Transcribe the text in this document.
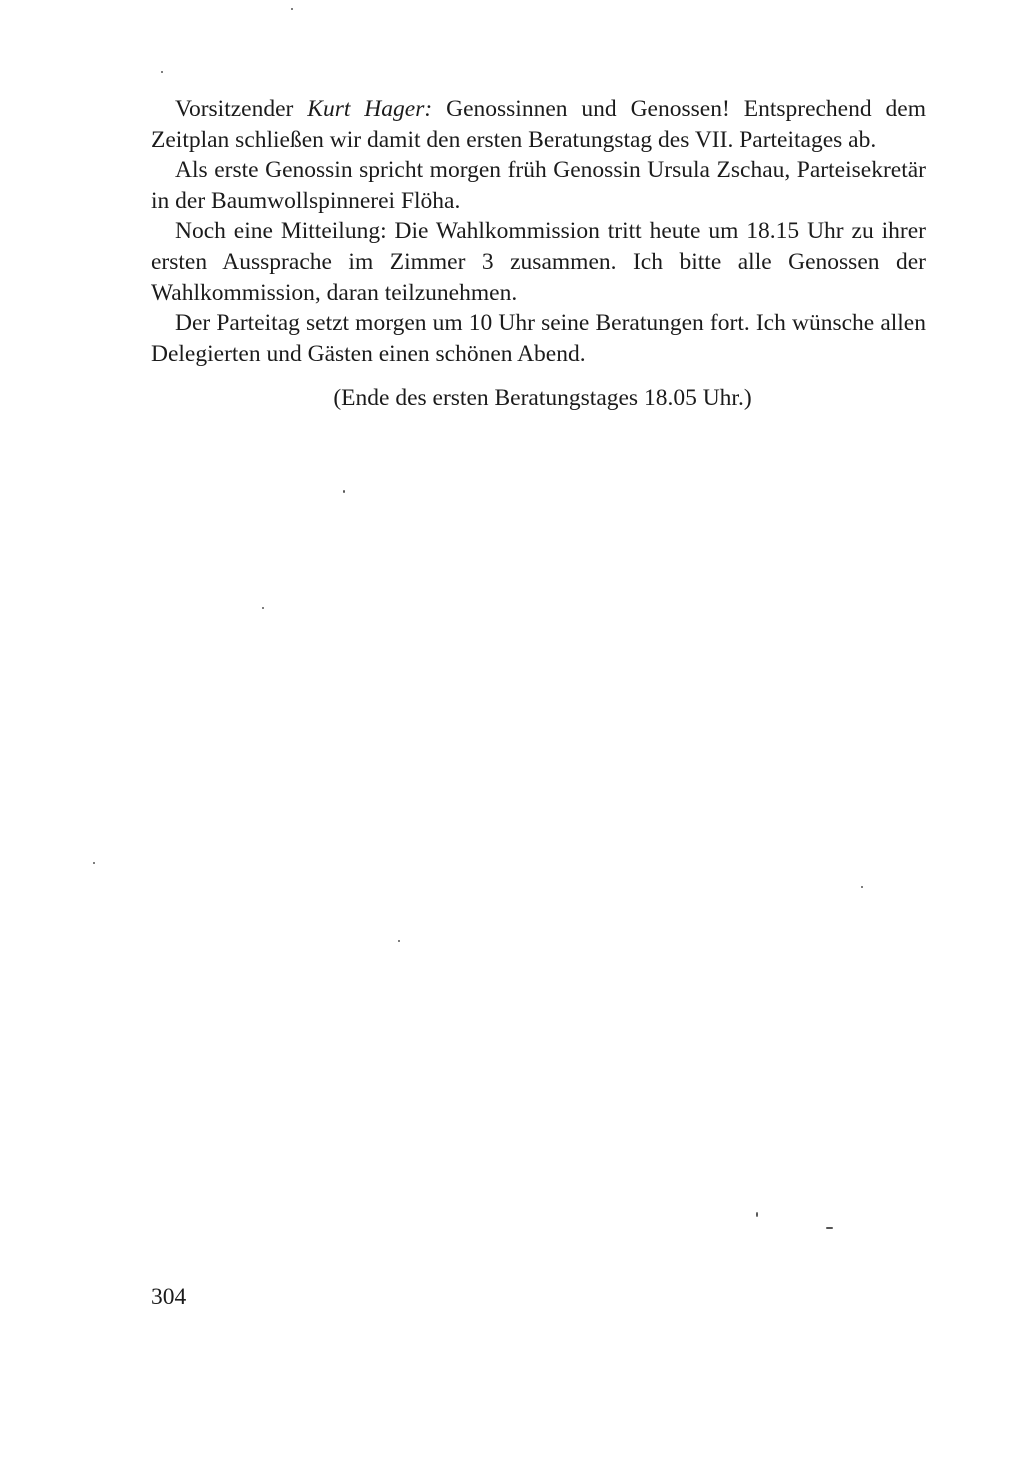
Vorsitzender Kurt Hager: Genossinnen und Genossen! Entsprechend dem Zeitplan schließen wir damit den ersten Beratungstag des VII. Parteitages ab.

Als erste Genossin spricht morgen früh Genossin Ursula Zschau, Parteisekretär in der Baumwollspinnerei Flöha.

Noch eine Mitteilung: Die Wahlkommission tritt heute um 18.15 Uhr zu ihrer ersten Aussprache im Zimmer 3 zusammen. Ich bitte alle Genossen der Wahlkommission, daran teilzunehmen.

Der Parteitag setzt morgen um 10 Uhr seine Beratungen fort. Ich wünsche allen Delegierten und Gästen einen schönen Abend.

(Ende des ersten Beratungstages 18.05 Uhr.)

304
